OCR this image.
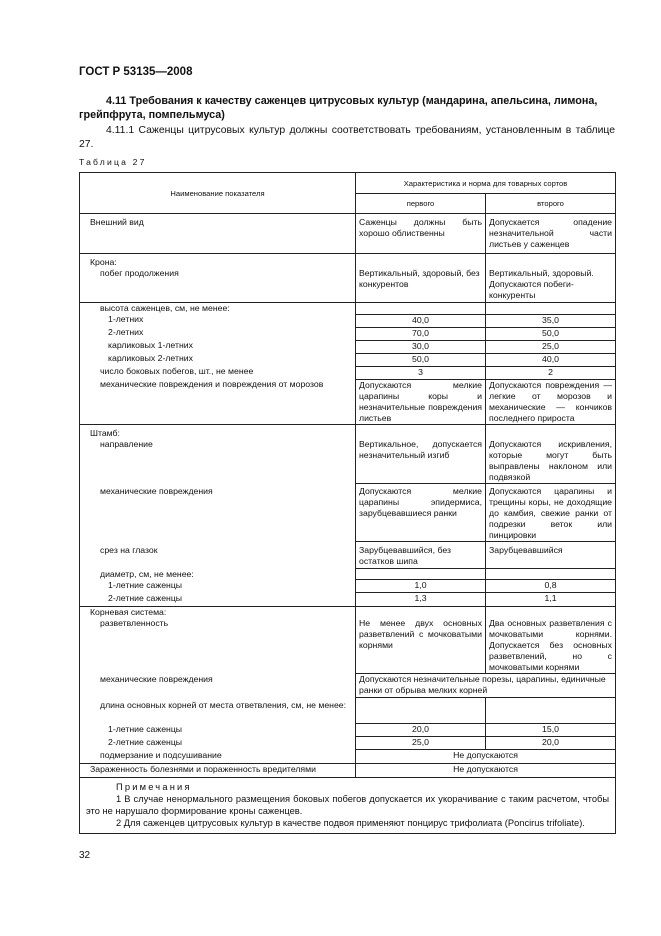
ГОСТ Р 53135—2008
4.11 Требования к качеству саженцев цитрусовых культур (мандарина, апельсина, лимона, грейпфрута, помпельмуса)
4.11.1 Саженцы цитрусовых культур должны соответствовать требованиям, установленным в таблице 27.
Таблица 27
Наименование показателя	Характеристика и норма для товарных сортов	
	первого	второго
Внешний вид	Саженцы должны быть хорошо облиственны	Допускается опадение незначительной части листьев у саженцев
Крона:		
побег продолжения	Вертикальный, здоровый, без конкурентов	Вертикальный, здоровый. Допускаются побеги-конкуренты
высота саженцев, см, не менее:		
1-летних	40,0	35,0
2-летних	70,0	50,0
карликовых 1-летних	30,0	25,0
карликовых 2-летних	50,0	40,0
число боковых побегов, шт., не менее	3	2
механические повреждения и повреждения от морозов	Допускаются мелкие царапины коры и незначительные повреждения листьев	Допускаются повреждения — легкие от морозов и механические — кончиков последнего прироста
Штамб:		
направление	Вертикальное, допускается незначительный изгиб	Допускаются искривления, которые могут быть выправлены наклоном или подвязкой
механические повреждения	Допускаются мелкие царапины эпидермиса, зарубцевавшиеся ранки	Допускаются царапины и трещины коры, не доходящие до камбия, свежие ранки от подрезки веток или пинцировки
срез на глазок	Зарубцевавшийся, без остатков шипа	Зарубцевавшийся
диаметр, см, не менее:		
1-летние саженцы	1,0	0,8
2-летние саженцы	1,3	1,1
Корневая система:		
разветвленность	Не менее двух основных разветвлений с мочковатыми корнями	Два основных разветвления с мочковатыми корнями. Допускается без основных разветвлений, но с мочковатыми корнями
механические повреждения	Допускаются незначительные порезы, царапины, единичные ранки от обрыва мелких корней	
длина основных корней от места ответвления, см, не менее:		
1-летние саженцы	20,0	15,0
2-летние саженцы	25,0	20,0
подмерзание и подсушивание	Не допускаются	
Зараженность болезнями и пораженность вредителями	Не допускаются	

Примечания
1 В случае ненормального размещения боковых побегов допускается их укорачивание с таким расчетом, чтобы это не нарушало формирование кроны саженцев.
2 Для саженцев цитрусовых культур в качестве подвоя применяют понцирус трифолиата (Poncirus trifoliate).		
32
